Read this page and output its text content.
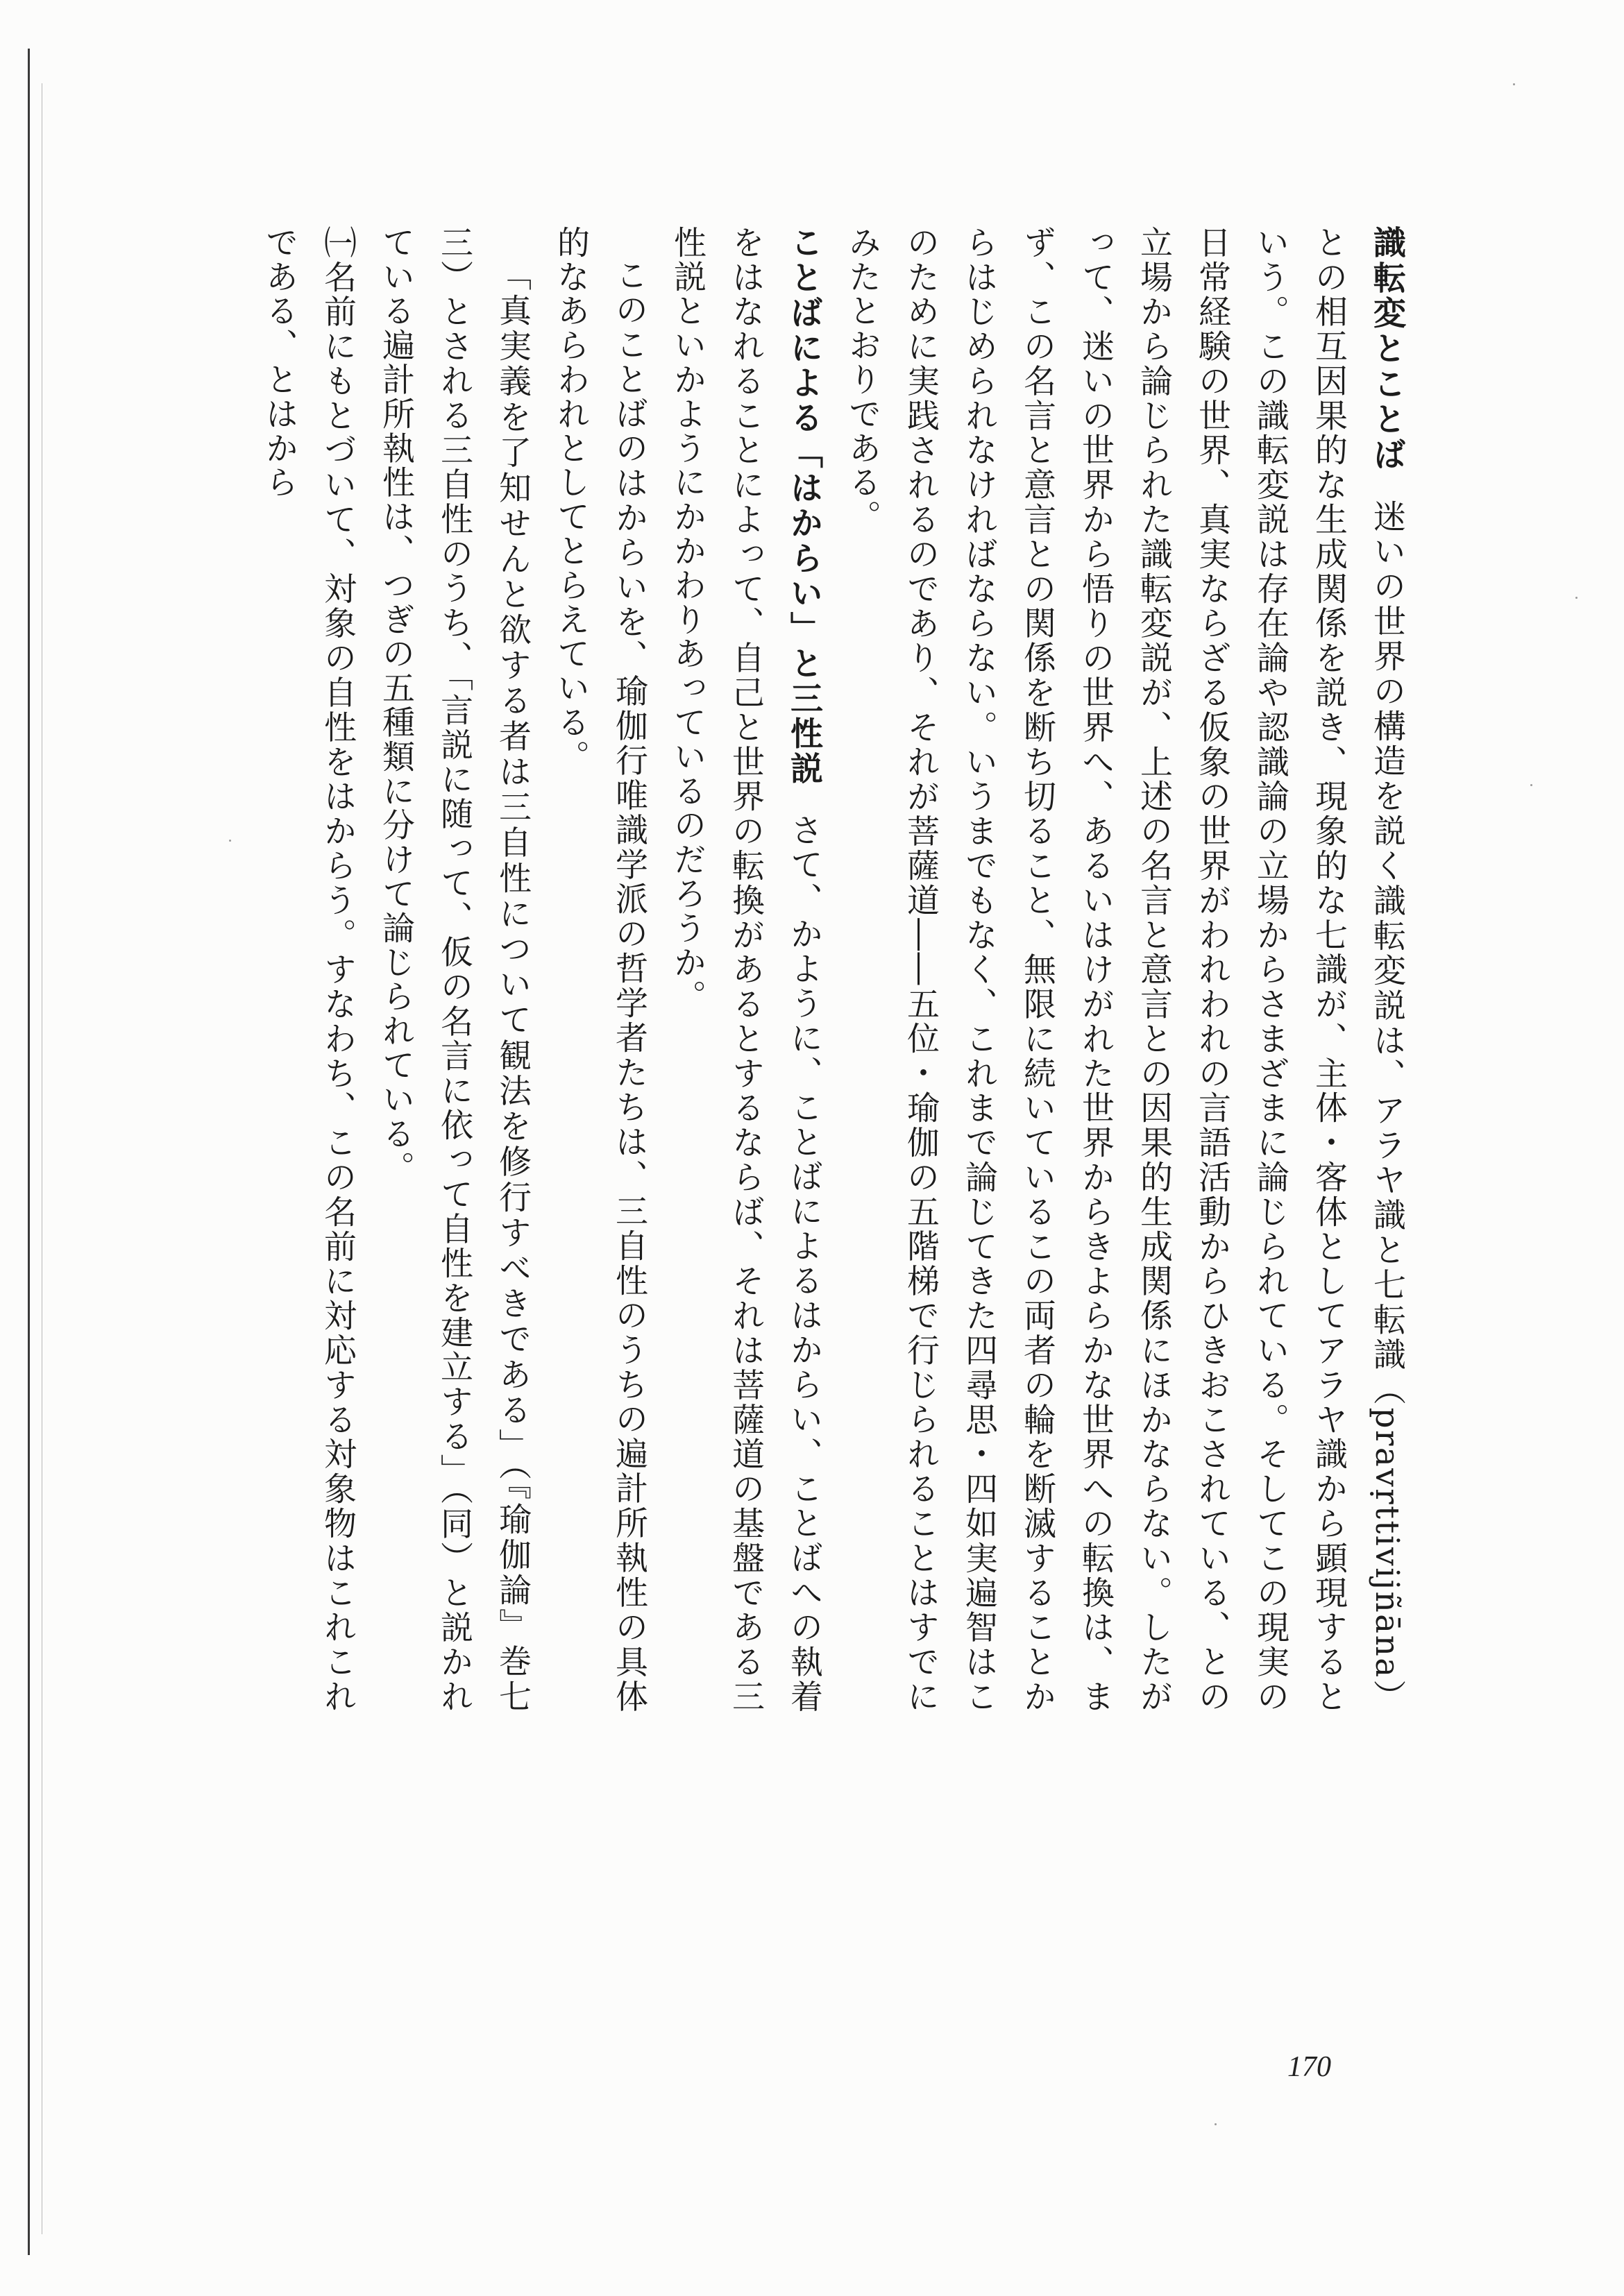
識転変とことば　迷いの世界の構造を説く識転変説は、アラヤ識と七転識（pravṛttivijñāna）との相互因果的な生成関係を説き、現象的な七識が、主体・客体としてアラヤ識から顕現するという。この識転変説は存在論や認識論の立場からさまざまに論じられている。そしてこの現実の日常経験の世界、真実ならざる仮象の世界がわれわれの言語活動からひきおこされている、との立場から論じられた識転変説が、上述の名言と意言との因果的生成関係にほかならない。したがって、迷いの世界から悟りの世界へ、あるいはけがれた世界からきよらかな世界への転換は、まず、この名言と意言との関係を断ち切ること、無限に続いているこの両者の輪を断滅することからはじめられなければならない。いうまでもなく、これまで論じてきた四尋思・四如実遍智はこのために実践されるのであり、それが菩薩道――五位・瑜伽の五階梯で行じられることはすでにみたとおりである。

ことばによる「はからい」と三性説　さて、かように、ことばによるはからい、ことばへの執着をはなれることによって、自己と世界の転換があるとするならば、それは菩薩道の基盤である三性説といかようにかかわりあっているのだろうか。

このことばのはからいを、瑜伽行唯識学派の哲学者たちは、三自性のうちの遍計所執性の具体的なあらわれとしてとらえている。

「真実義を了知せんと欲する者は三自性について観法を修行すべきである」（『瑜伽論』巻七三）とされる三自性のうち、「言説に随って、仮の名言に依って自性を建立する」（同）と説かれている遍計所執性は、つぎの五種類に分けて論じられている。

㈠名前にもとづいて、対象の自性をはからう。すなわち、この名前に対応する対象物はこれこれである、とはから

170
